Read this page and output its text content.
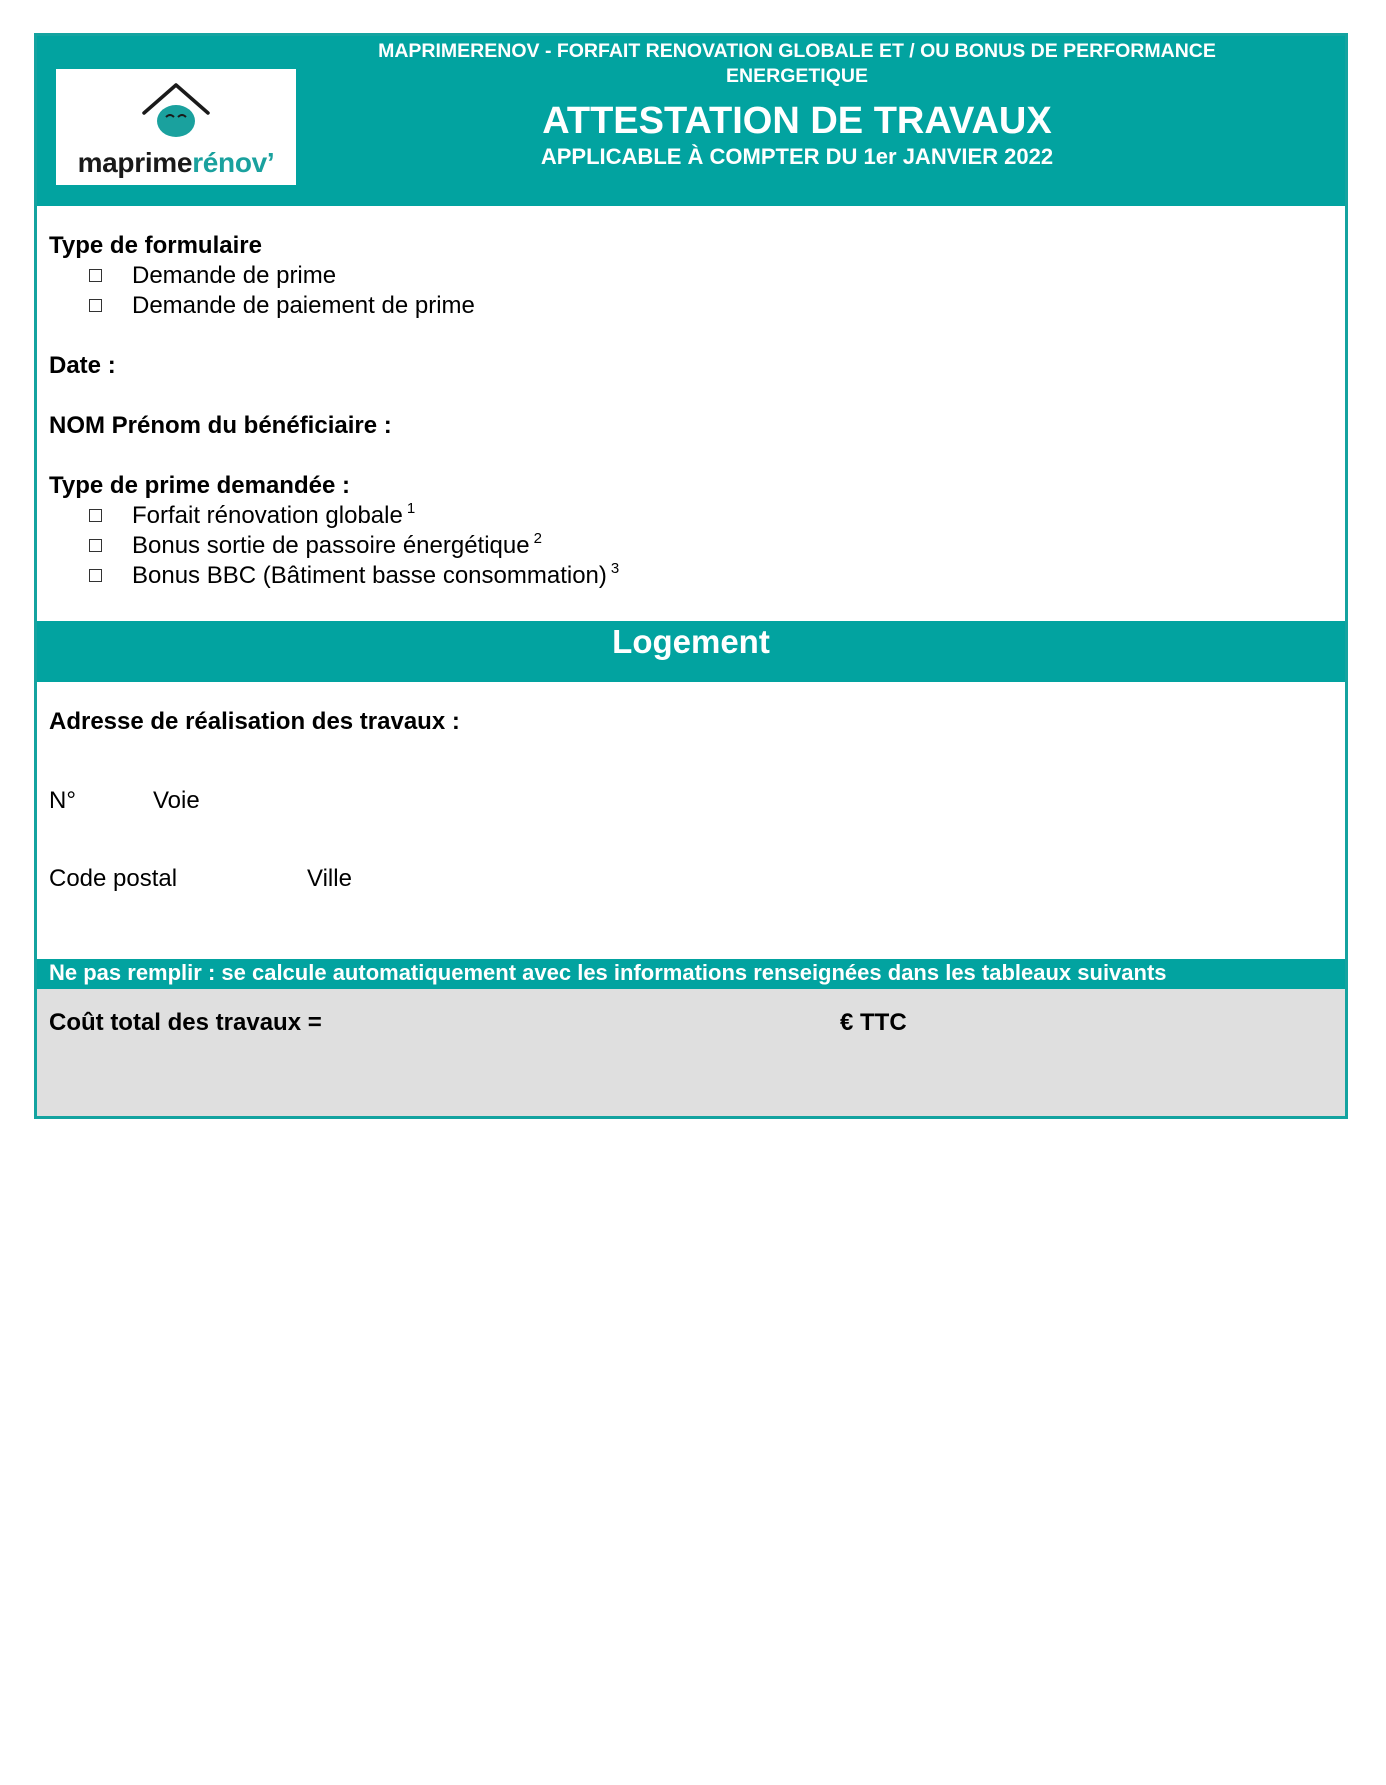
maprimerénov’
MAPRIMERENOV - FORFAIT RENOVATION GLOBALE ET / OU BONUS DE PERFORMANCE
ENERGETIQUE
ATTESTATION DE TRAVAUX
APPLICABLE À COMPTER DU 1er JANVIER 2022
Type de formulaire
Demande de prime
Demande de paiement de prime
Date :
NOM Prénom du bénéficiaire :
Type de prime demandée :
Forfait rénovation globale $^1$
Bonus sortie de passoire énergétique $^2$
Bonus BBC (Bâtiment basse consommation) $^3$
Logement
Adresse de réalisation des travaux :
N°	Voie
Code postal	Ville
Ne pas remplir : se calcule automatiquement avec les informations renseignées dans les tableaux suivants
Coût total des travaux =	€ TTC
